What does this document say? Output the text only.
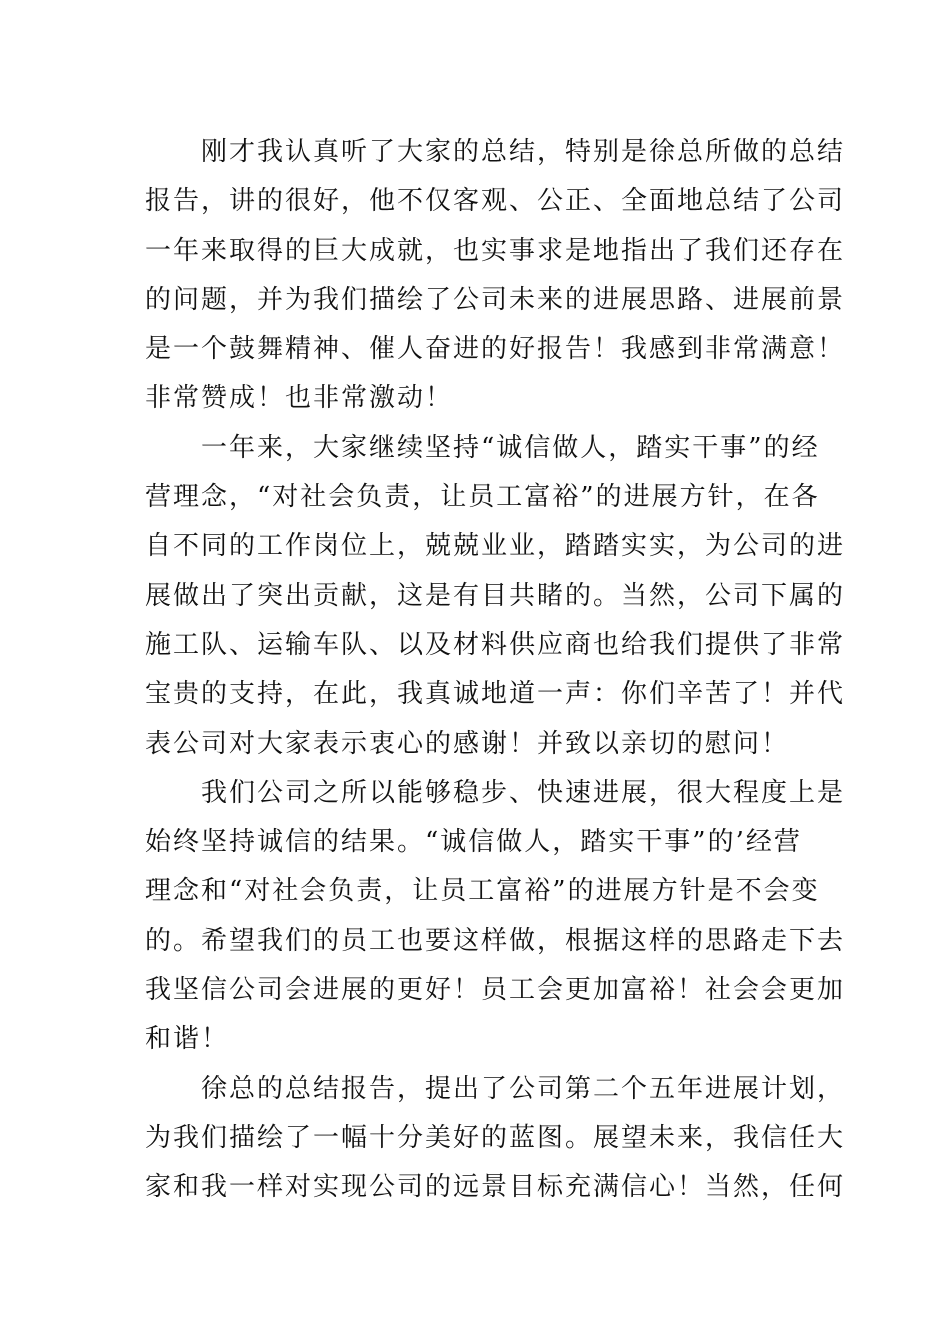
刚才我认真听了大家的总结，特别是徐总所做的总结
报告，讲的很好，他不仅客观、公正、全面地总结了公司
一年来取得的巨大成就，也实事求是地指出了我们还存在
的问题，并为我们描绘了公司未来的进展思路、进展前景
是一个鼓舞精神、催人奋进的好报告！我感到非常满意！
非常赞成！也非常激动！
一年来，大家继续坚持“诚信做人，踏实干事”的经
营理念，“对社会负责，让员工富裕”的进展方针，在各
自不同的工作岗位上，兢兢业业，踏踏实实，为公司的进
展做出了突出贡献，这是有目共睹的。当然，公司下属的
施工队、运输车队、以及材料供应商也给我们提供了非常
宝贵的支持，在此，我真诚地道一声：你们辛苦了！并代
表公司对大家表示衷心的感谢！并致以亲切的慰问！
我们公司之所以能够稳步、快速进展，很大程度上是
始终坚持诚信的结果。“诚信做人，踏实干事”的’经营
理念和“对社会负责，让员工富裕”的进展方针是不会变
的。希望我们的员工也要这样做，根据这样的思路走下去
我坚信公司会进展的更好！员工会更加富裕！社会会更加
和谐！
徐总的总结报告，提出了公司第二个五年进展计划，
为我们描绘了一幅十分美好的蓝图。展望未来，我信任大
家和我一样对实现公司的远景目标充满信心！当然，任何
